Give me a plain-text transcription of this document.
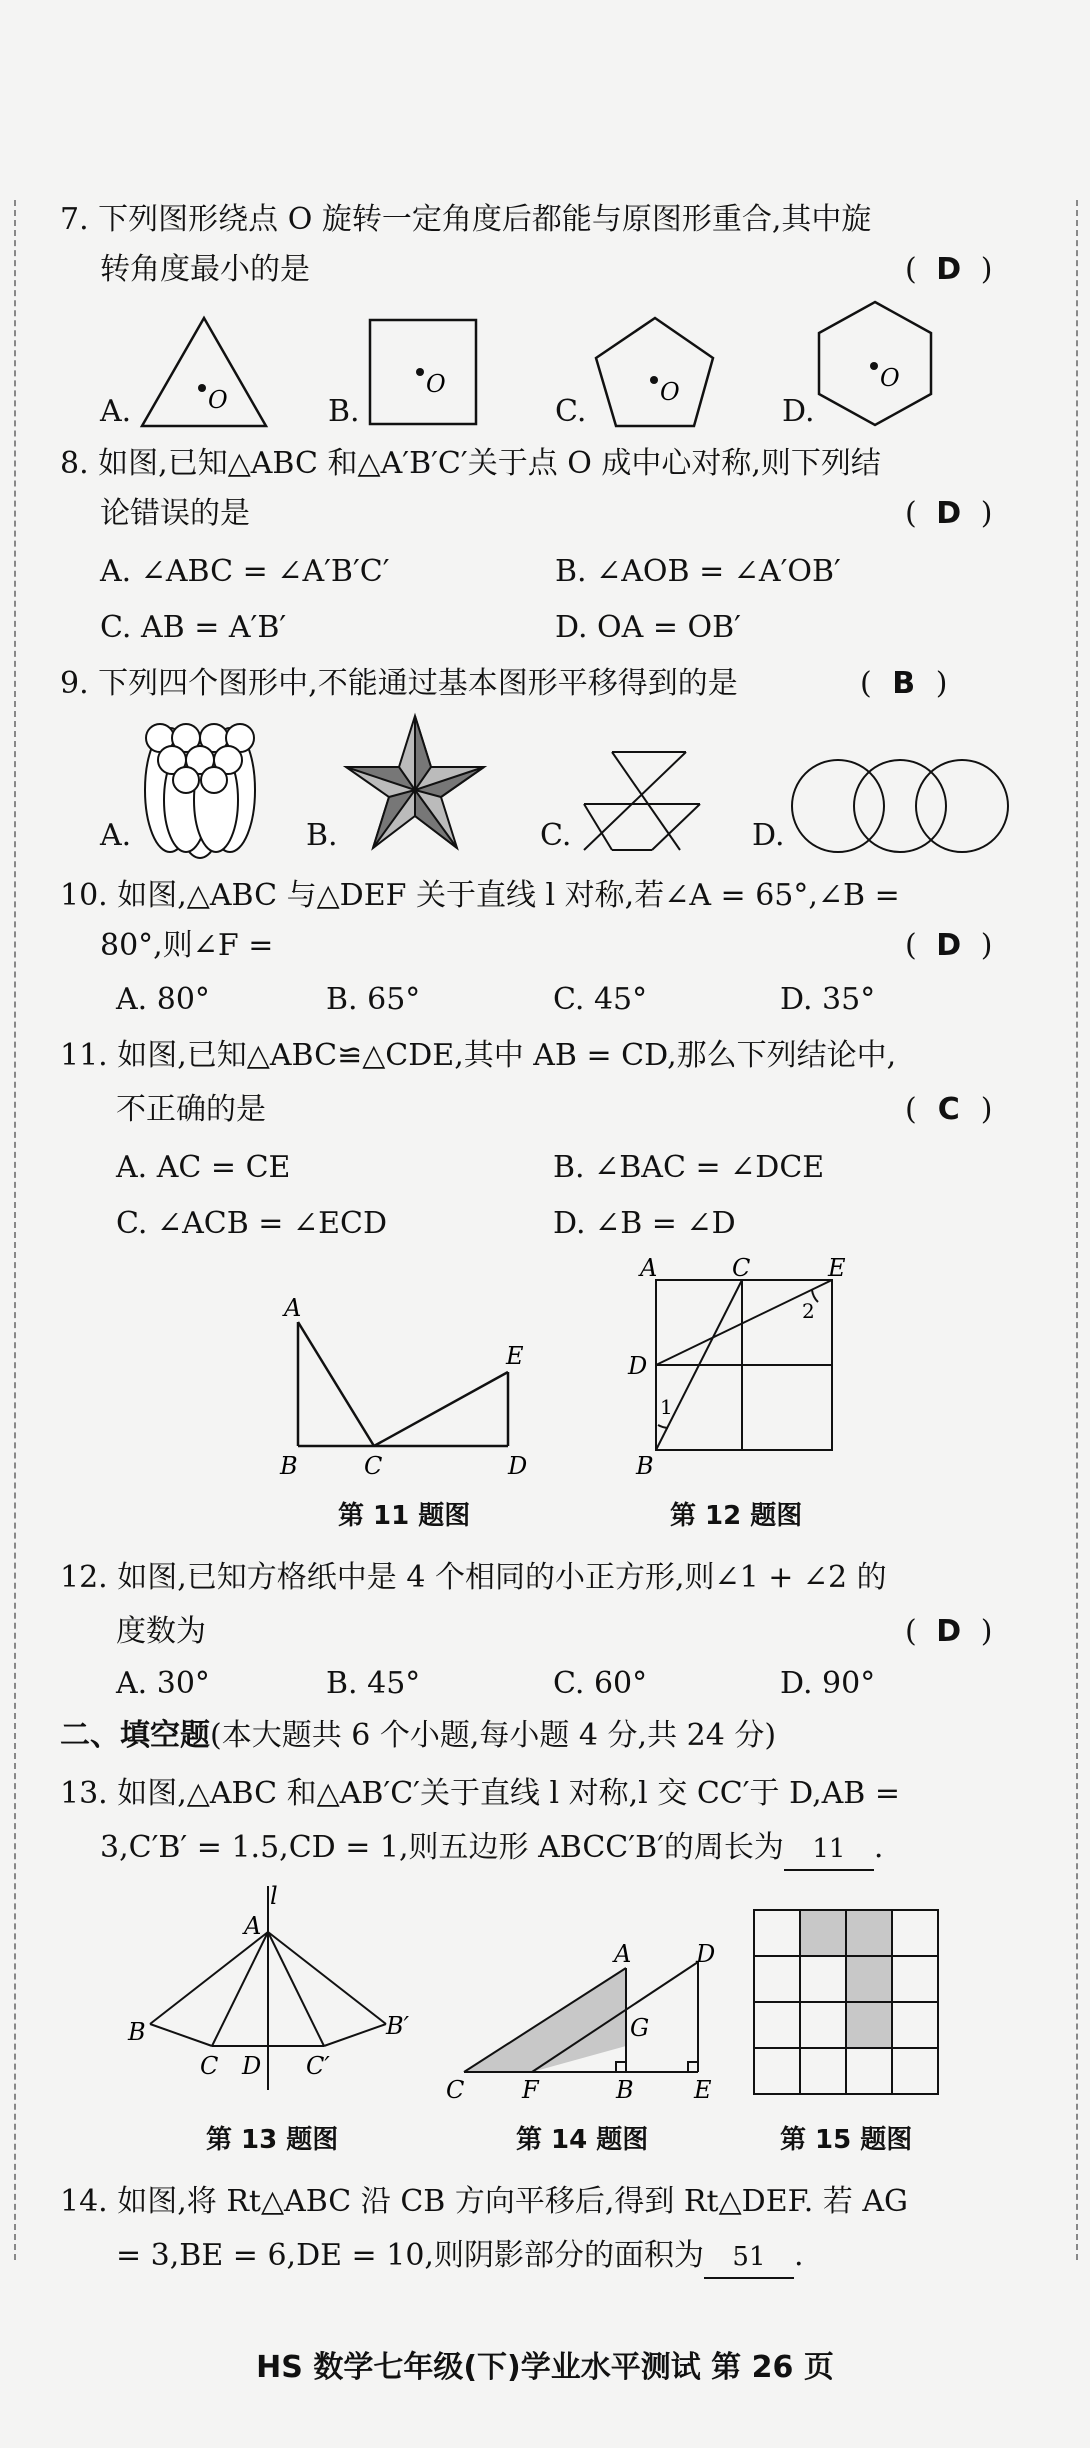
7. 下列图形绕点 O 旋转一定角度后都能与原图形重合,其中旋
转角度最小的是	( D )
A.	B.	C.	D.
O
O	O	O
8. 如图,已知△ABC 和△A′B′C′关于点 O 成中心对称,则下列结
论错误的是	( D )
A. ∠ABC = ∠A′B′C′	B. ∠AOB = ∠A′OB′
C. AB = A′B′	D. OA = OB′
9. 下列四个图形中,不能通过基本图形平移得到的是	( B )
A.	B.	C.	D.
10. 如图,△ABC 与△DEF 关于直线 l 对称,若∠A = 65°,∠B =
80°,则∠F =	( D )
A. 80°	B. 65°	C. 45°	D. 35°
11. 如图,已知△ABC≌△CDE,其中 AB = CD,那么下列结论中,
不正确的是	( C )
A. AC = CE	B. ∠BAC = ∠DCE
C. ∠ACB = ∠ECD	D. ∠B = ∠D
A
B	C	D
E
A
B
C
D
E
1
2
第 11 题图	第 12 题图
12. 如图,已知方格纸中是 4 个相同的小正方形,则∠1 + ∠2 的
度数为	( D )
A. 30°	B. 45°	C. 60°	D. 90°
二、填空题(本大题共 6 个小题,每小题 4 分,共 24 分)
13. 如图,△ABC 和△AB′C′关于直线 l 对称,l 交 CC′于 D,AB =
3,C′B′ = 1.5,CD = 1,则五边形 ABCC′B′的周长为 11 .
l
A
B
C D C′
B′
A	D
G
C F	B	E
第 13 题图	第 14 题图	第 15 题图
14. 如图,将 Rt△ABC 沿 CB 方向平移后,得到 Rt△DEF. 若 AG
= 3,BE = 6,DE = 10,则阴影部分的面积为 51 .
HS 数学七年级(下)学业水平测试 第 26 页
